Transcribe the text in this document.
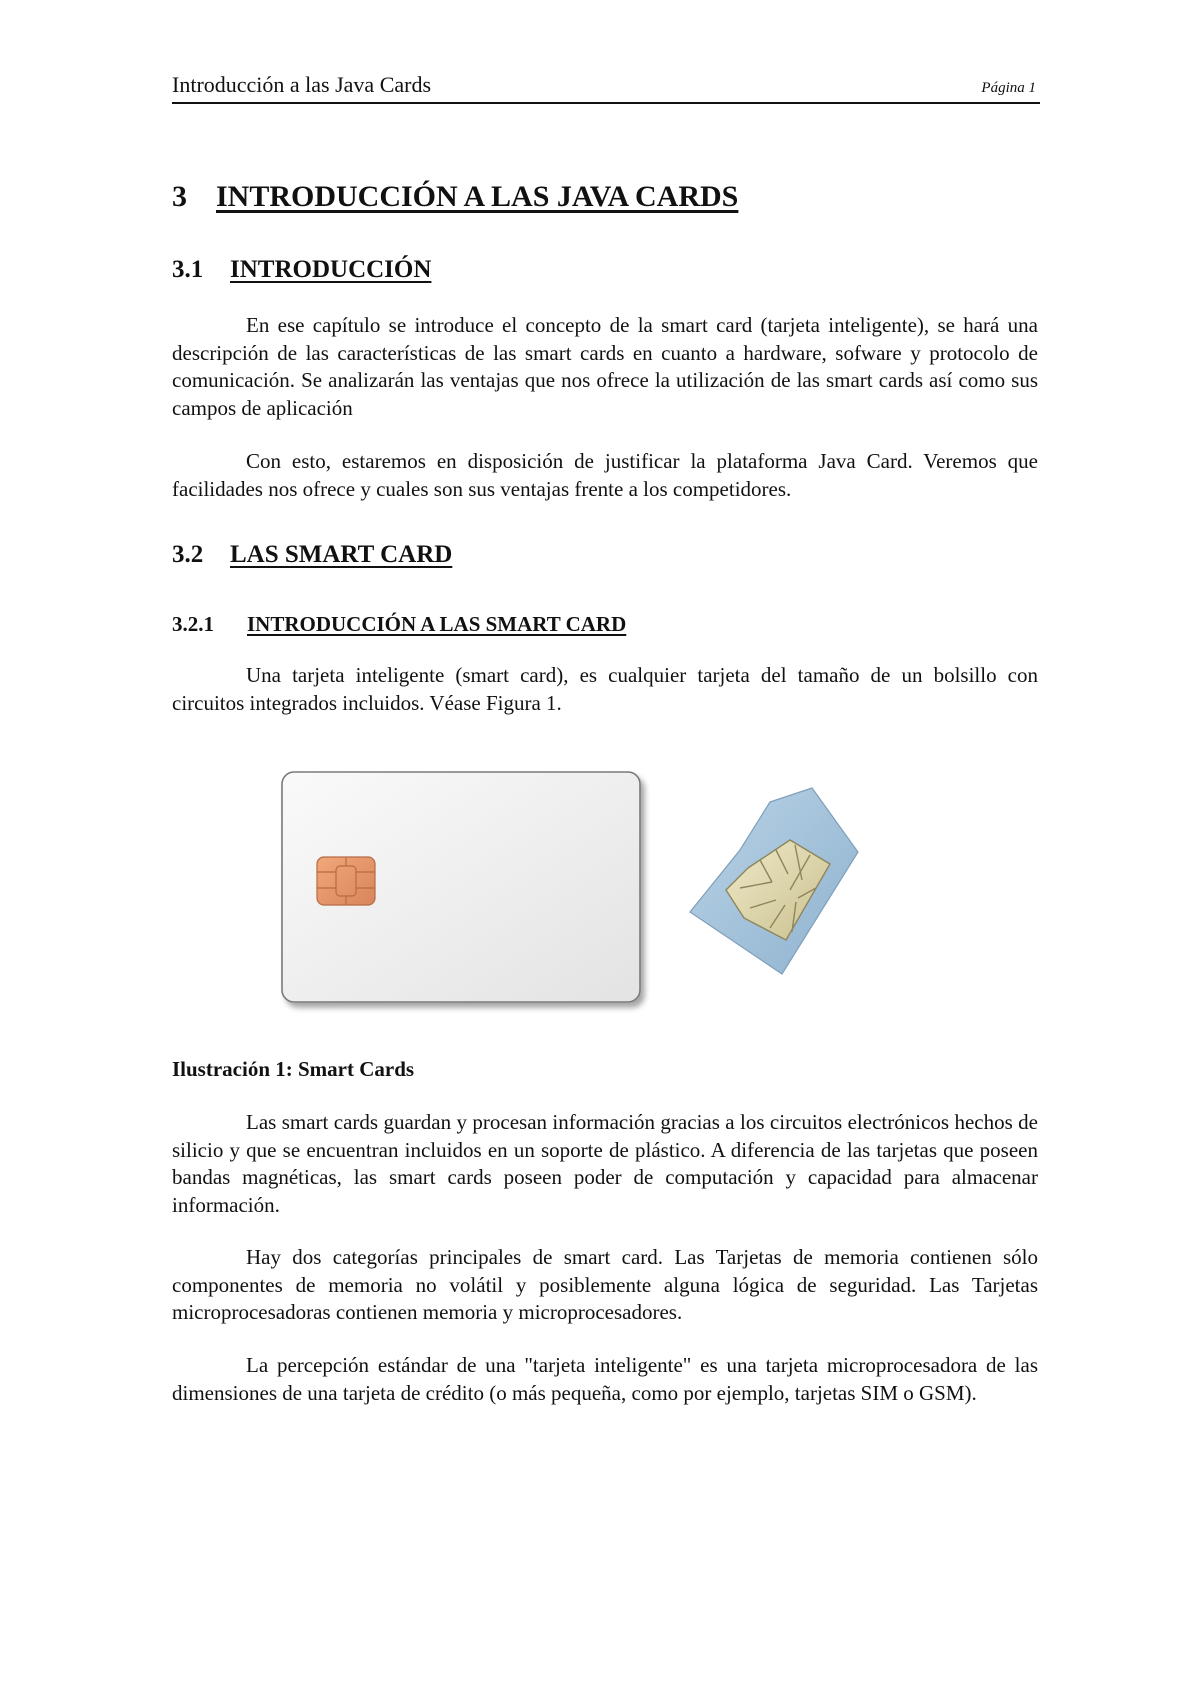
Introducción a las Java Cards	Página 1
3 INTRODUCCIÓN A LAS JAVA CARDS
3.1 INTRODUCCIÓN

En ese capítulo se introduce el concepto de la smart card (tarjeta inteligente), se hará una descripción de las características de las smart cards en cuanto a hardware, sofware y protocolo de comunicación. Se analizarán las ventajas que nos ofrece la utilización de las smart cards así como sus campos de aplicación

Con esto, estaremos en disposición de justificar la plataforma Java Card. Veremos que facilidades nos ofrece y cuales son sus ventajas frente a los competidores.

3.2 LAS SMART CARD
3.2.1 INTRODUCCIÓN A LAS SMART CARD

Una tarjeta inteligente (smart card), es cualquier tarjeta del tamaño de un bolsillo con circuitos integrados incluidos. Véase Figura 1.

Ilustración 1: Smart Cards

Las smart cards guardan y procesan información gracias a los circuitos electrónicos hechos de silicio y que se encuentran incluidos en un soporte de plástico. A diferencia de las tarjetas que poseen bandas magnéticas, las smart cards poseen poder de computación y capacidad para almacenar información.

Hay dos categorías principales de smart card. Las Tarjetas de memoria contienen sólo componentes de memoria no volátil y posiblemente alguna lógica de seguridad. Las Tarjetas microprocesadoras contienen memoria y microprocesadores.

La percepción estándar de una "tarjeta inteligente" es una tarjeta microprocesadora de las dimensiones de una tarjeta de crédito (o más pequeña, como por ejemplo, tarjetas SIM o GSM).
